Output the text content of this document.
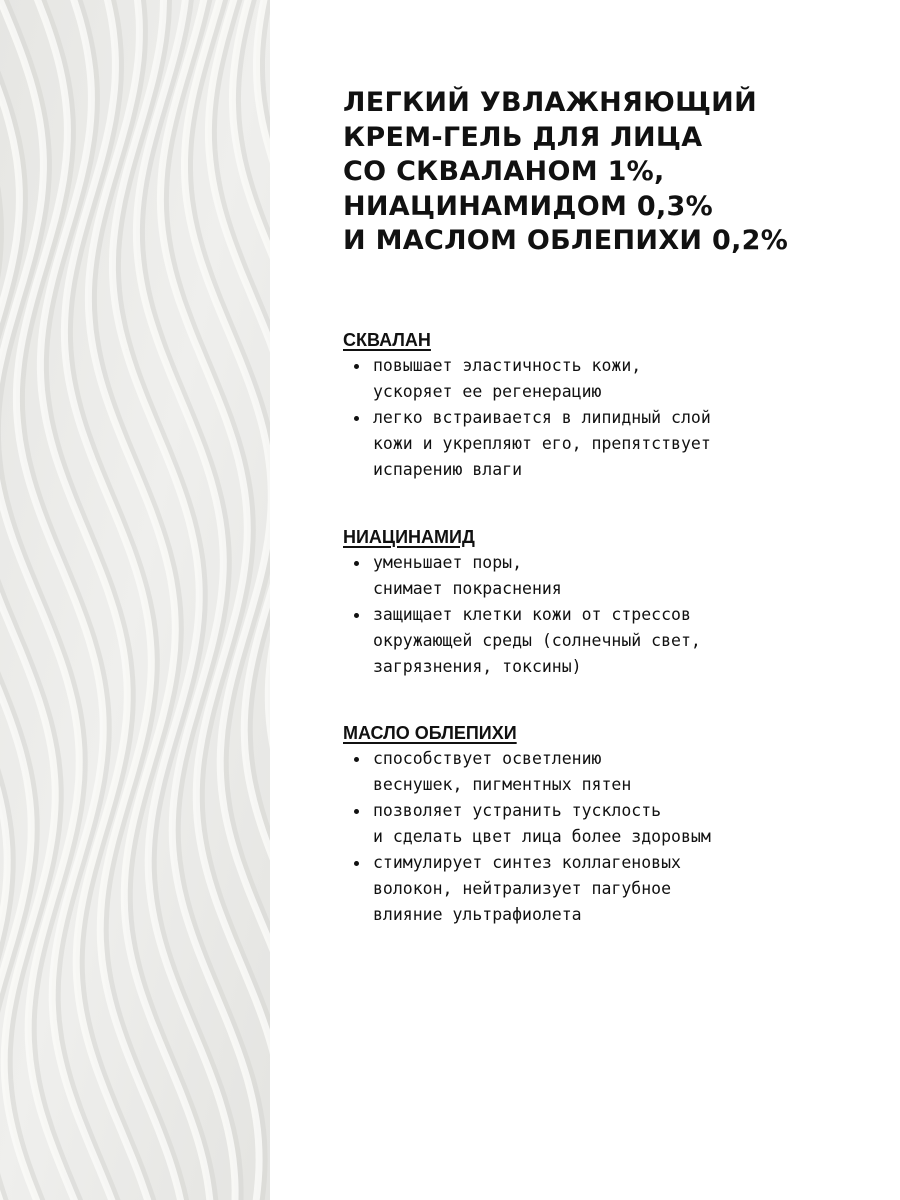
ЛЕГКИЙ УВЛАЖНЯЮЩИЙ
КРЕМ-ГЕЛЬ ДЛЯ ЛИЦА
СО СКВАЛАНОМ 1%,
НИАЦИНАМИДОМ 0,3%
И МАСЛОМ ОБЛЕПИХИ 0,2%
СКВАЛАН
повышает эластичность кожи,
ускоряет ее регенерацию
легко встраивается в липидный слой
кожи и укрепляют его, препятствует
испарению влаги
НИАЦИНАМИД
уменьшает поры,
снимает покраснения
защищает клетки кожи от стрессов
окружающей среды (солнечный свет,
загрязнения, токсины)
МАСЛО ОБЛЕПИХИ
способствует осветлению
веснушек, пигментных пятен
позволяет устранить тусклость
и сделать цвет лица более здоровым
стимулирует синтез коллагеновых
волокон, нейтрализует пагубное
влияние ультрафиолета
